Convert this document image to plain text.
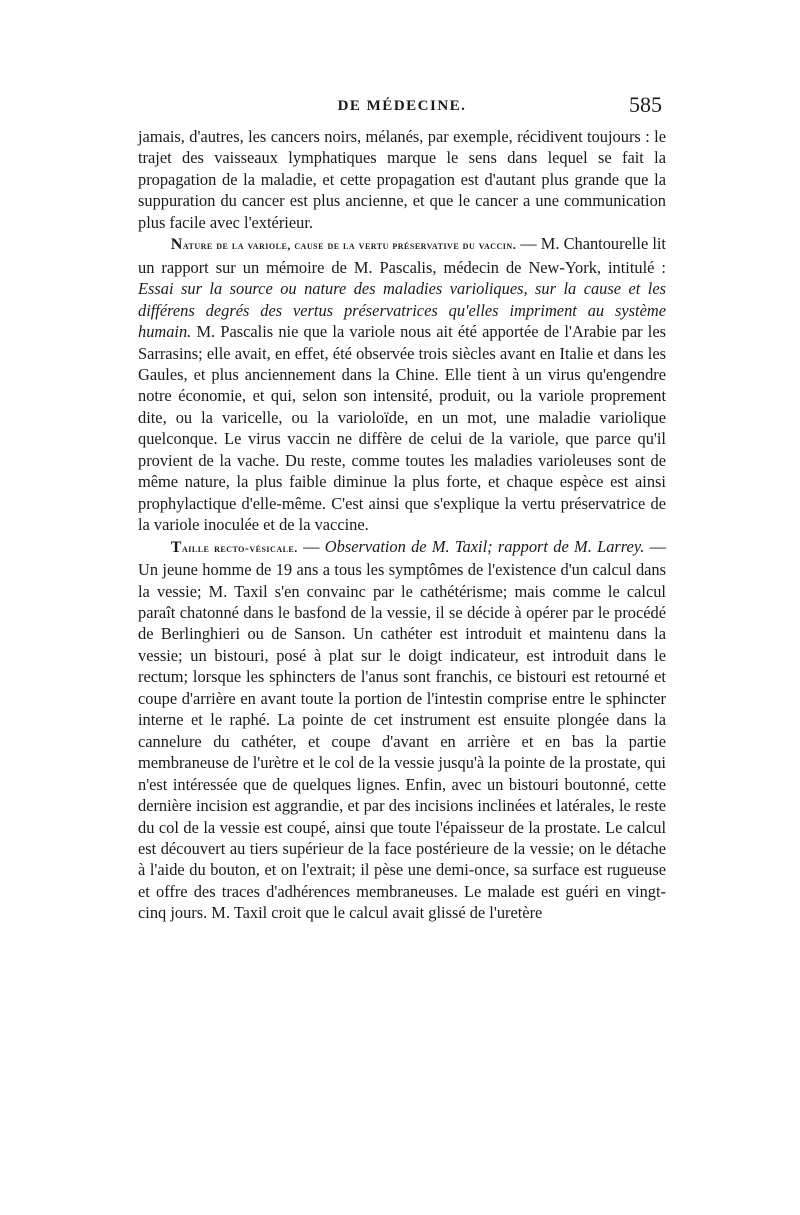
DE MÉDECINE.	585

jamais, d'autres, les cancers noirs, mélanés, par exemple, récidivent toujours : le trajet des vaisseaux lymphatiques marque le sens dans lequel se fait la propagation de la maladie, et cette propagation est d'autant plus grande que la suppuration du cancer est plus ancienne, et que le cancer a une communication plus facile avec l'extérieur.

Nature de la variole, cause de la vertu préservative du vaccin. — M. Chantourelle lit un rapport sur un mémoire de M. Pascalis, médecin de New-York, intitulé : Essai sur la source ou nature des maladies varioliques, sur la cause et les différens degrés des vertus préservatrices qu'elles impriment au système humain. M. Pascalis nie que la variole nous ait été apportée de l'Arabie par les Sarrasins; elle avait, en effet, été observée trois siècles avant en Italie et dans les Gaules, et plus anciennement dans la Chine. Elle tient à un virus qu'engendre notre économie, et qui, selon son intensité, produit, ou la variole proprement dite, ou la varicelle, ou la varioloïde, en un mot, une maladie variolique quelconque. Le virus vaccin ne diffère de celui de la variole, que parce qu'il provient de la vache. Du reste, comme toutes les maladies varioleuses sont de même nature, la plus faible diminue la plus forte, et chaque espèce est ainsi prophylactique d'elle-même. C'est ainsi que s'explique la vertu préservatrice de la variole inoculée et de la vaccine.

Taille recto-vésicale. — Observation de M. Taxil; rapport de M. Larrey. — Un jeune homme de 19 ans a tous les symptômes de l'existence d'un calcul dans la vessie; M. Taxil s'en convainc par le cathétérisme; mais comme le calcul paraît chatonné dans le basfond de la vessie, il se décide à opérer par le procédé de Berlinghieri ou de Sanson. Un cathéter est introduit et maintenu dans la vessie; un bistouri, posé à plat sur le doigt indicateur, est introduit dans le rectum; lorsque les sphincters de l'anus sont franchis, ce bistouri est retourné et coupe d'arrière en avant toute la portion de l'intestin comprise entre le sphincter interne et le raphé. La pointe de cet instrument est ensuite plongée dans la cannelure du cathéter, et coupe d'avant en arrière et en bas la partie membraneuse de l'urètre et le col de la vessie jusqu'à la pointe de la prostate, qui n'est intéressée que de quelques lignes. Enfin, avec un bistouri boutonné, cette dernière incision est aggrandie, et par des incisions inclinées et latérales, le reste du col de la vessie est coupé, ainsi que toute l'épaisseur de la prostate. Le calcul est découvert au tiers supérieur de la face postérieure de la vessie; on le détache à l'aide du bouton, et on l'extrait; il pèse une demi-once, sa surface est rugueuse et offre des traces d'adhérences membraneuses. Le malade est guéri en vingt-cinq jours. M. Taxil croit que le calcul avait glissé de l'uretère
